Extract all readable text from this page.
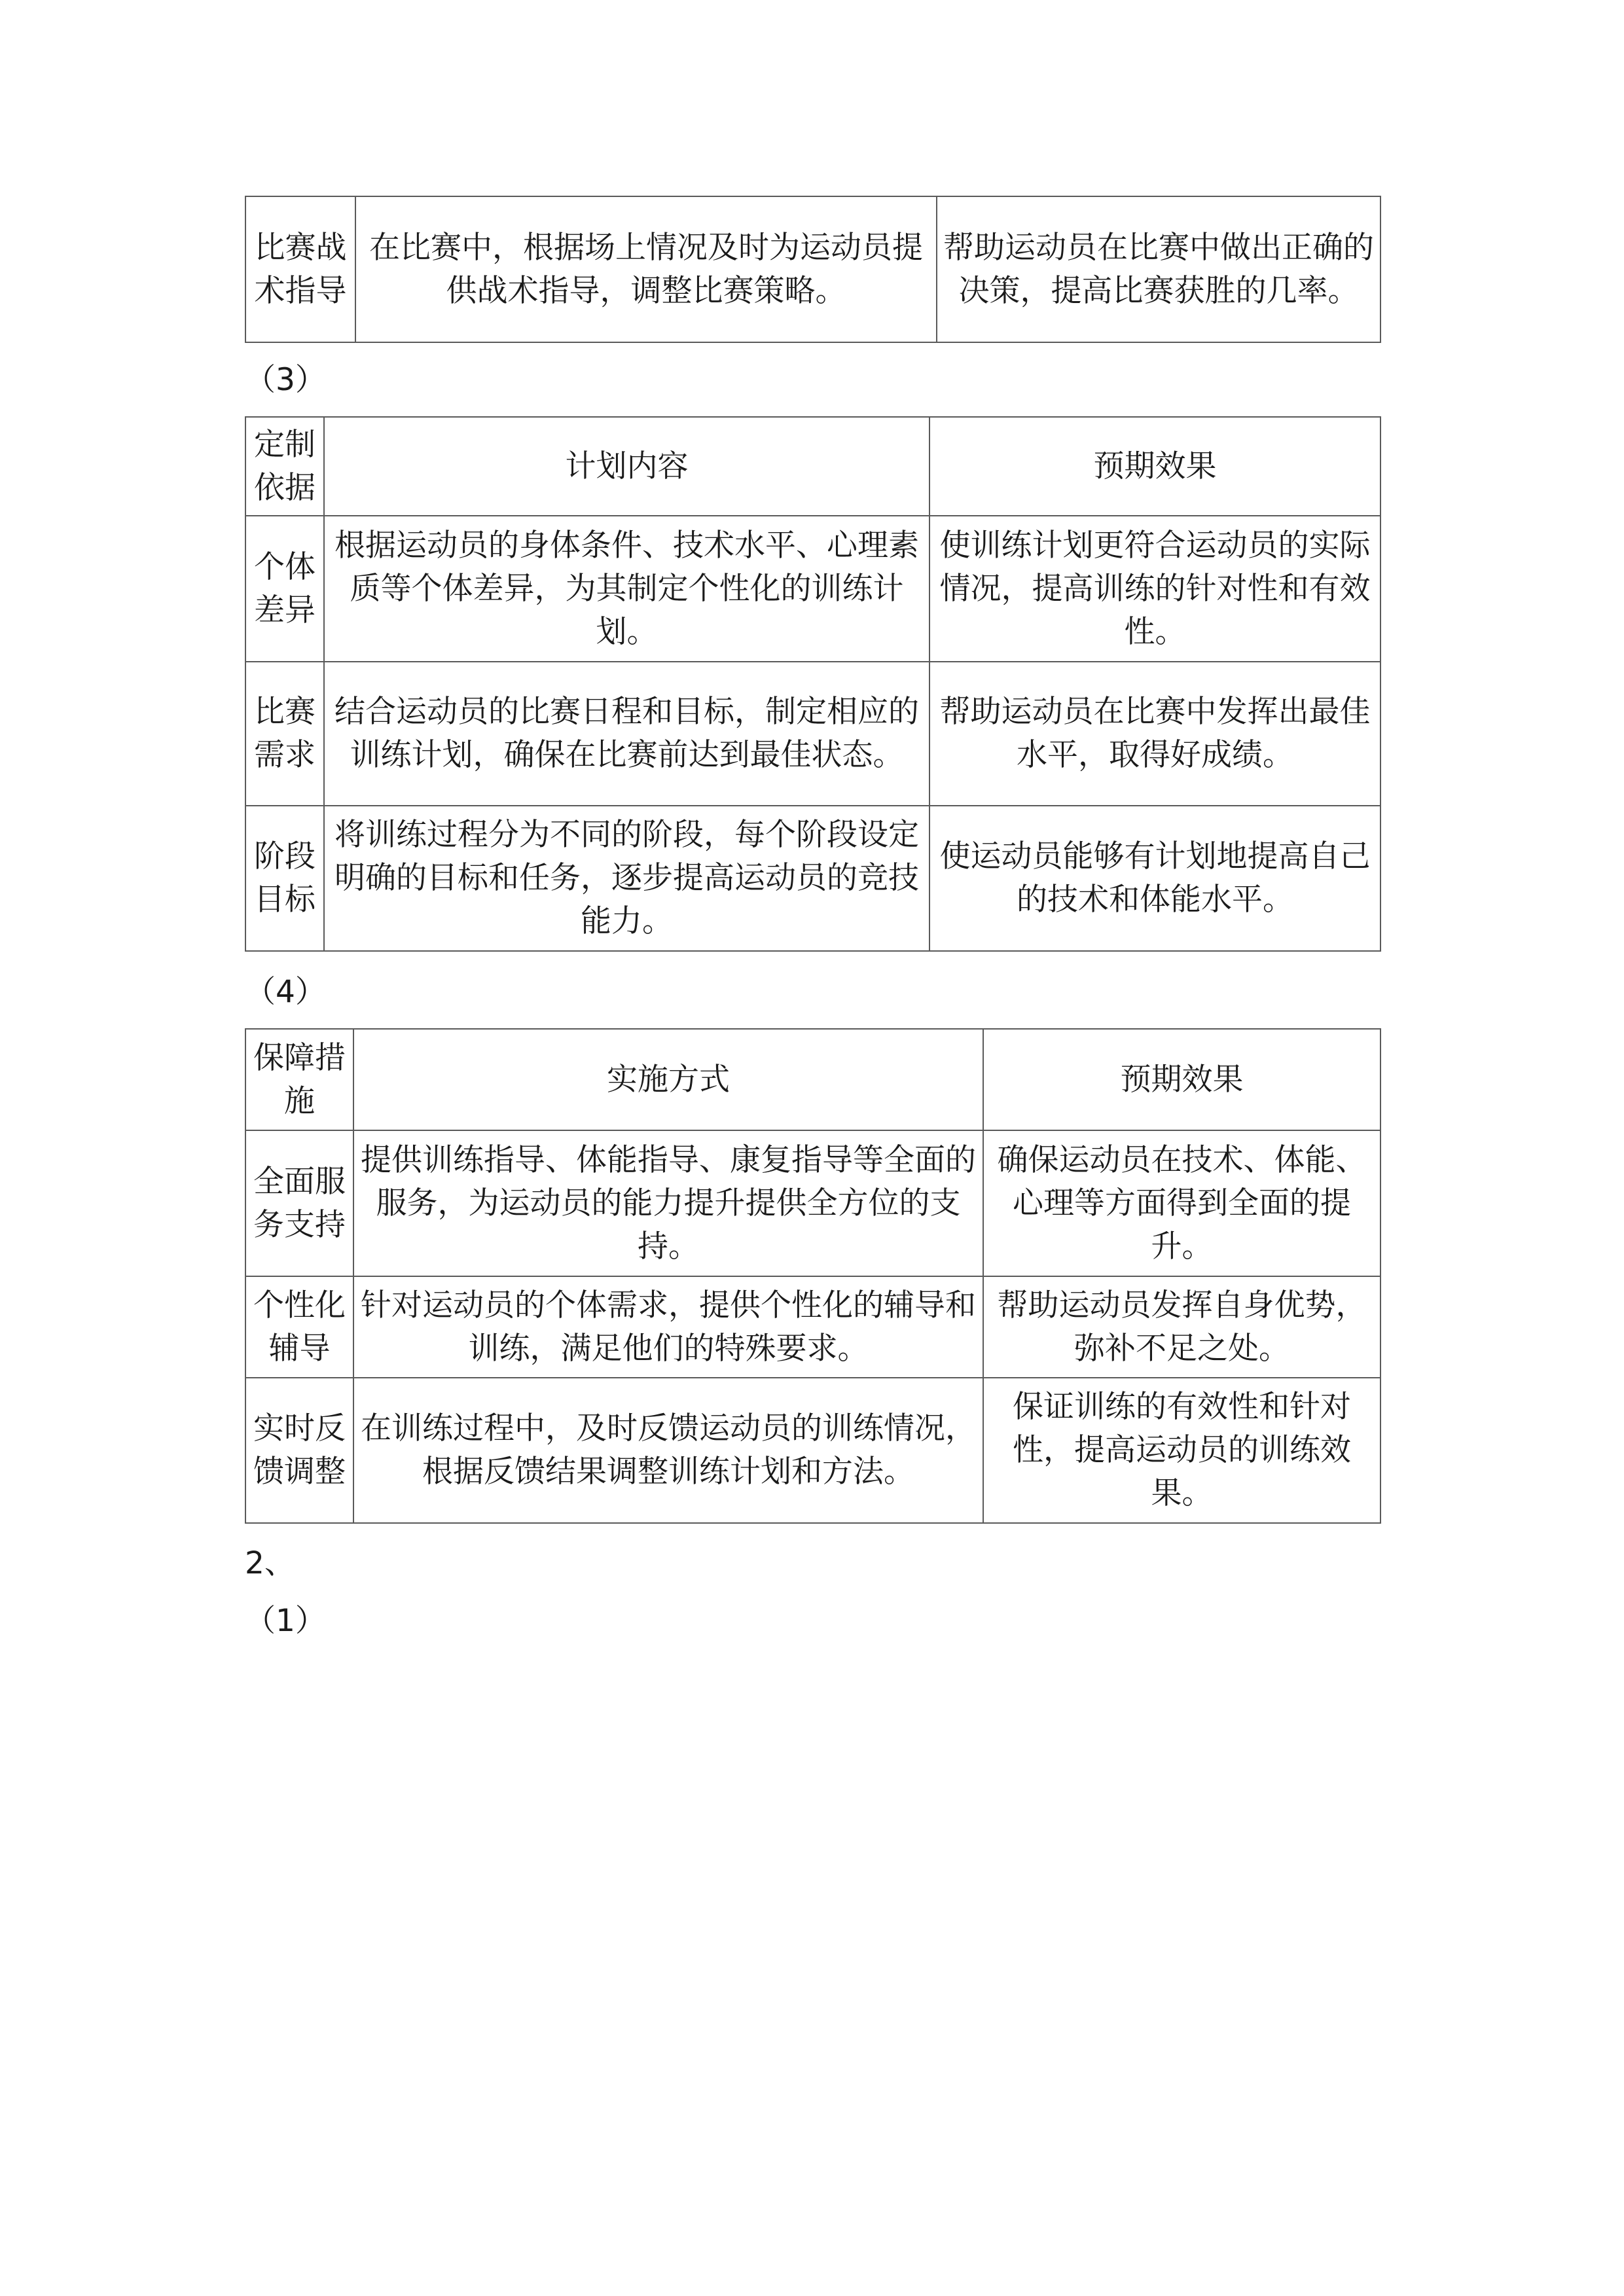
比赛战术指导	在比赛中，根据场上情况及时为运动员提供战术指导，调整比赛策略。	帮助运动员在比赛中做出正确的决策，提高比赛获胜的几率。
（3）
定制依据	计划内容	预期效果
个体差异	根据运动员的身体条件、技术水平、心理素质等个体差异，为其制定个性化的训练计划。	使训练计划更符合运动员的实际情况，提高训练的针对性和有效性。
比赛需求	结合运动员的比赛日程和目标，制定相应的训练计划，确保在比赛前达到最佳状态。	帮助运动员在比赛中发挥出最佳水平，取得好成绩。
阶段目标	将训练过程分为不同的阶段，每个阶段设定明确的目标和任务，逐步提高运动员的竞技能力。	使运动员能够有计划地提高自己的技术和体能水平。
（4）
保障措施	实施方式	预期效果
全面服务支持	提供训练指导、体能指导、康复指导等全面的服务，为运动员的能力提升提供全方位的支持。	确保运动员在技术、体能、心理等方面得到全面的提升。
个性化辅导	针对运动员的个体需求，提供个性化的辅导和训练，满足他们的特殊要求。	帮助运动员发挥自身优势，弥补不足之处。
实时反馈调整	在训练过程中，及时反馈运动员的训练情况，根据反馈结果调整训练计划和方法。	保证训练的有效性和针对性，提高运动员的训练效果。
2、
（1）
